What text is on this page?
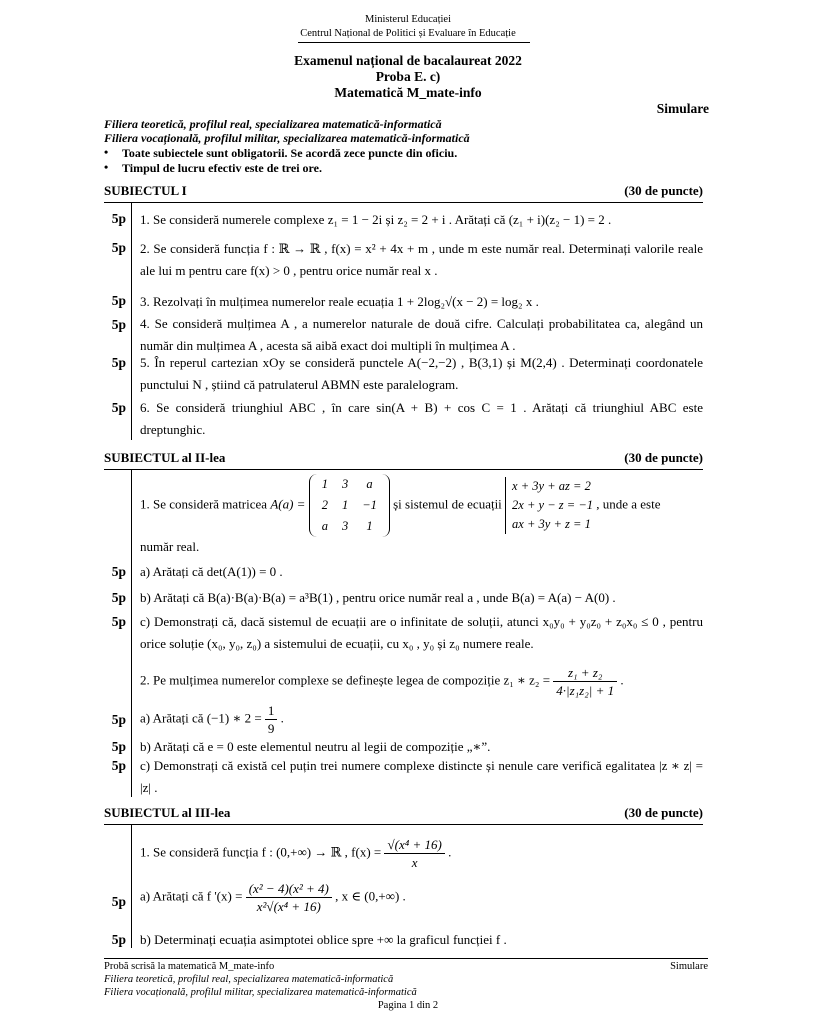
Ministerul Educației
Centrul Național de Politici și Evaluare în Educație
Examenul național de bacalaureat 2022
Proba E. c)
Matematică M_mate-info
Simulare
Filiera teoretică, profilul real, specializarea matematică-informatică
Filiera vocațională, profilul militar, specializarea matematică-informatică
• Toate subiectele sunt obligatorii. Se acordă zece puncte din oficiu.
• Timpul de lucru efectiv este de trei ore.
SUBIECTUL I	(30 de puncte)
5p 1. Se consideră numerele complexe z₁ = 1 − 2i și z₂ = 2 + i . Arătați că (z₁ + i)(z₂ − 1) = 2 .
5p 2. Se consideră funcția f : ℝ → ℝ , f(x) = x² + 4x + m , unde m este număr real. Determinați valorile reale ale lui m pentru care f(x) > 0 , pentru orice număr real x .
5p 3. Rezolvați în mulțimea numerelor reale ecuația 1 + 2log₂√(x − 2) = log₂ x .
5p 4. Se consideră mulțimea A , a numerelor naturale de două cifre. Calculați probabilitatea ca, alegând un număr din mulțimea A , acesta să aibă exact doi multipli în mulțimea A .
5p 5. În reperul cartezian xOy se consideră punctele A(−2,−2) , B(3,1) și M(2,4) . Determinați coordonatele punctului N , știind că patrulaterul ABMN este paralelogram.
5p 6. Se consideră triunghiul ABC , în care sin(A + B) + cos C = 1 . Arătați că triunghiul ABC este dreptunghic.
SUBIECTUL al II-lea	(30 de puncte)
1. Se consideră matricea A(a) =
1	3	a
2	1	−1
a	3	1
și sistemul de ecuații
x + 3y + az = 2
2x + y − z = −1
ax + 3y + z = 1
, unde a este
număr real.
5p a) Arătați că det(A(1)) = 0 .
5p b) Arătați că B(a)·B(a)·B(a) = a³B(1) , pentru orice număr real a , unde B(a) = A(a) − A(0) .
5p c) Demonstrați că, dacă sistemul de ecuații are o infinitate de soluții, atunci x₀y₀ + y₀z₀ + z₀x₀ ≤ 0 , pentru orice soluție (x₀, y₀, z₀) a sistemului de ecuații, cu x₀ , y₀ și z₀ numere reale.
2. Pe mulțimea numerelor complexe se definește legea de compoziție z₁ ∗ $z_2 = \frac{\text{z₁ + z₂}}{\text{4·|z₁z₂| + 1}}$ .
5p a) Arătați că (−1) ∗ $2 = \frac{1}{9}$ .
5p b) Arătați că e = 0 este elementul neutru al legii de compoziție „∗”.
5p c) Demonstrați că există cel puțin trei numere complexe distincte și nenule care verifică egalitatea |z ∗ z| = |z| .
SUBIECTUL al III-lea	(30 de puncte)
1. Se consideră funcția f : (0,+∞) → ℝ , $f(x) = \frac{\text{√(x⁴ + 16)}}{x}$ .
5p a) Arătați că f '$(x) = \frac{\text{(x² − 4)(x² + 4)}}{\text{x²√(x⁴ + 16)}}$ , x ∈ (0,+∞) .
5p b) Determinați ecuația asimptotei oblice spre +∞ la graficul funcției f .
Probă scrisă la matematică M_mate-info	Simulare
Filiera teoretică, profilul real, specializarea matematică-informatică
Filiera vocațională, profilul militar, specializarea matematică-informatică
Pagina 1 din 2
